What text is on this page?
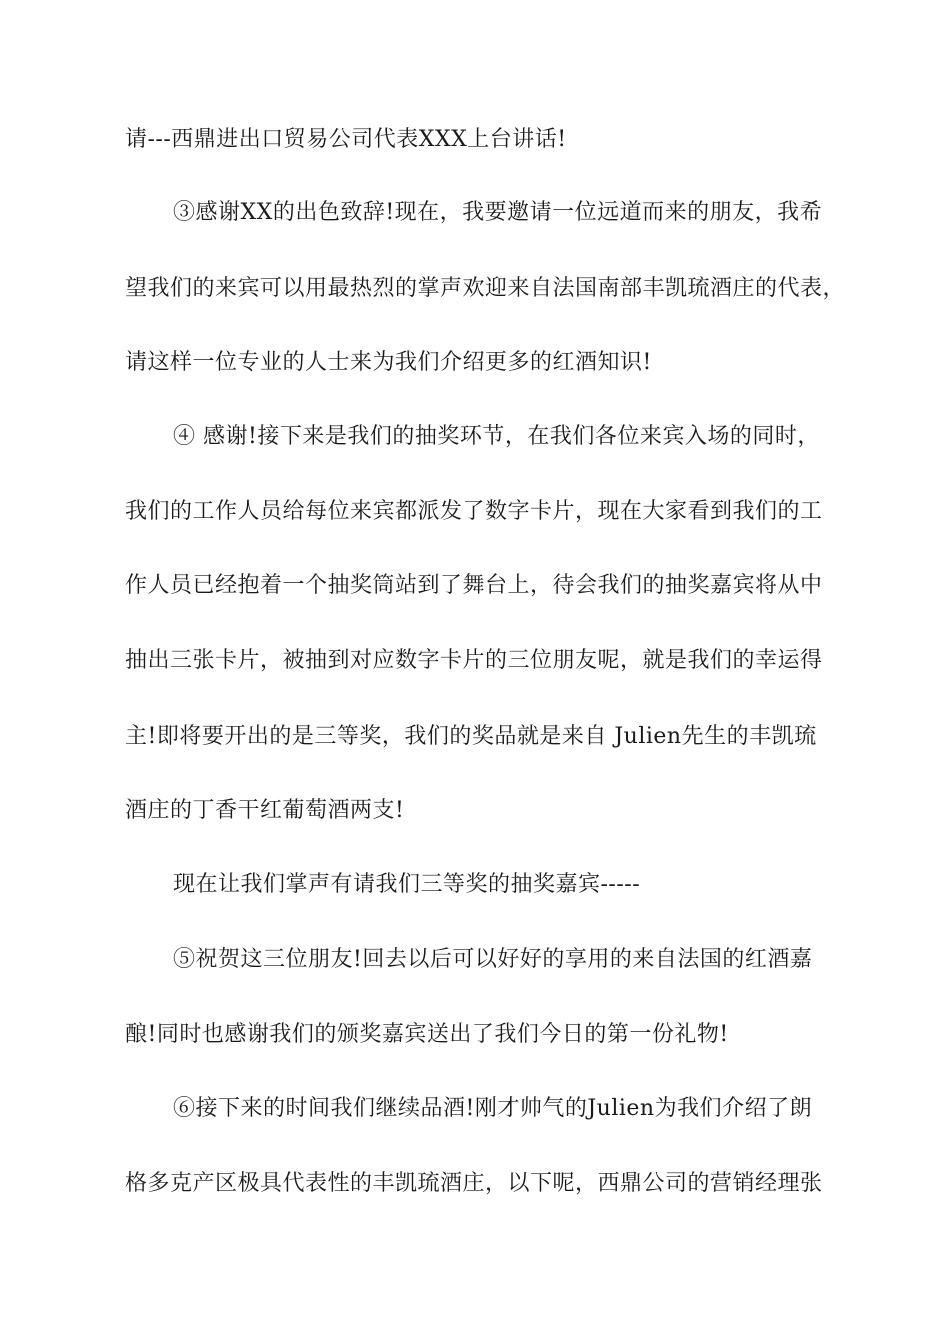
请---西鼎进出口贸易公司代表XXX上台讲话!
③感谢XX的出色致辞!现在，我要邀请一位远道而来的朋友，我希
望我们的来宾可以用最热烈的掌声欢迎来自法国南部丰凯琉酒庄的代表，
请这样一位专业的人士来为我们介绍更多的红酒知识!
④ 感谢!接下来是我们的抽奖环节，在我们各位来宾入场的同时，
我们的工作人员给每位来宾都派发了数字卡片，现在大家看到我们的工
作人员已经抱着一个抽奖筒站到了舞台上，待会我们的抽奖嘉宾将从中
抽出三张卡片，被抽到对应数字卡片的三位朋友呢，就是我们的幸运得
主!即将要开出的是三等奖，我们的奖品就是来自 Julien先生的丰凯琉
酒庄的丁香干红葡萄酒两支!
现在让我们掌声有请我们三等奖的抽奖嘉宾-----
⑤祝贺这三位朋友!回去以后可以好好的享用的来自法国的红酒嘉
酿!同时也感谢我们的颁奖嘉宾送出了我们今日的第一份礼物!
⑥接下来的时间我们继续品酒!刚才帅气的Julien为我们介绍了朗
格多克产区极具代表性的丰凯琉酒庄，以下呢，西鼎公司的营销经理张
